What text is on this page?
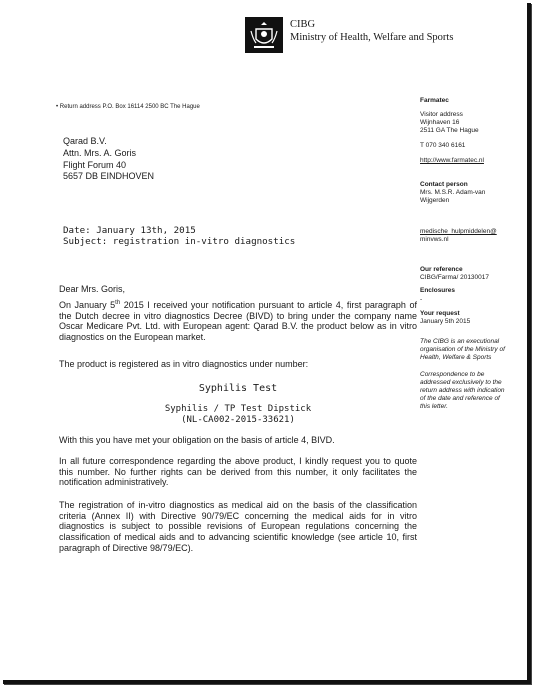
CIBG
Ministry of Health, Welfare and Sports
• Return address P.O. Box 16114 2500 BC The Hague
Farmatec
Visitor address
Wijnhaven 16
2511 GA The Hague
T 070 340 6161
http://www.farmatec.nl
Contact person
Mrs. M.S.R. Adam-van
Wijgerden
medische_hulpmiddelen@
minvws.nl
Our reference
CIBG/Farma/ 20130017
Enclosures
-
Your request
January 5th 2015
The CIBG is an executional
organisation of the Ministry of
Health, Welfare & Sports
Correspondence to be
addressed exclusively to the
return address with indication
of the date and reference of
this letter.
Qarad B.V.
Attn. Mrs. A. Goris
Flight Forum 40
5657 DB EINDHOVEN
Date: January 13th, 2015
Subject: registration in-vitro diagnostics
Dear Mrs. Goris,
On January 5th 2015 I received your notification pursuant to article 4, first paragraph of the Dutch decree in vitro diagnostics Decree (BIVD) to bring under the company name Oscar Medicare Pvt. Ltd. with European agent: Qarad B.V. the product below as in vitro diagnostics on the European market.
The product is registered as in vitro diagnostics under number:
Syphilis Test
Syphilis / TP Test Dipstick
(NL-CA002-2015-33621)
With this you have met your obligation on the basis of article 4, BIVD.
In all future correspondence regarding the above product, I kindly request you to quote this number. No further rights can be derived from this number, it only facilitates the notification administratively.
The registration of in-vitro diagnostics as medical aid on the basis of the classification criteria (Annex II) with Directive 90/79/EC concerning the medical aids for in vitro diagnostics is subject to possible revisions of European regulations concerning the classification of medical aids and to advancing scientific knowledge (see article 10, first paragraph of Directive 98/79/EC).
